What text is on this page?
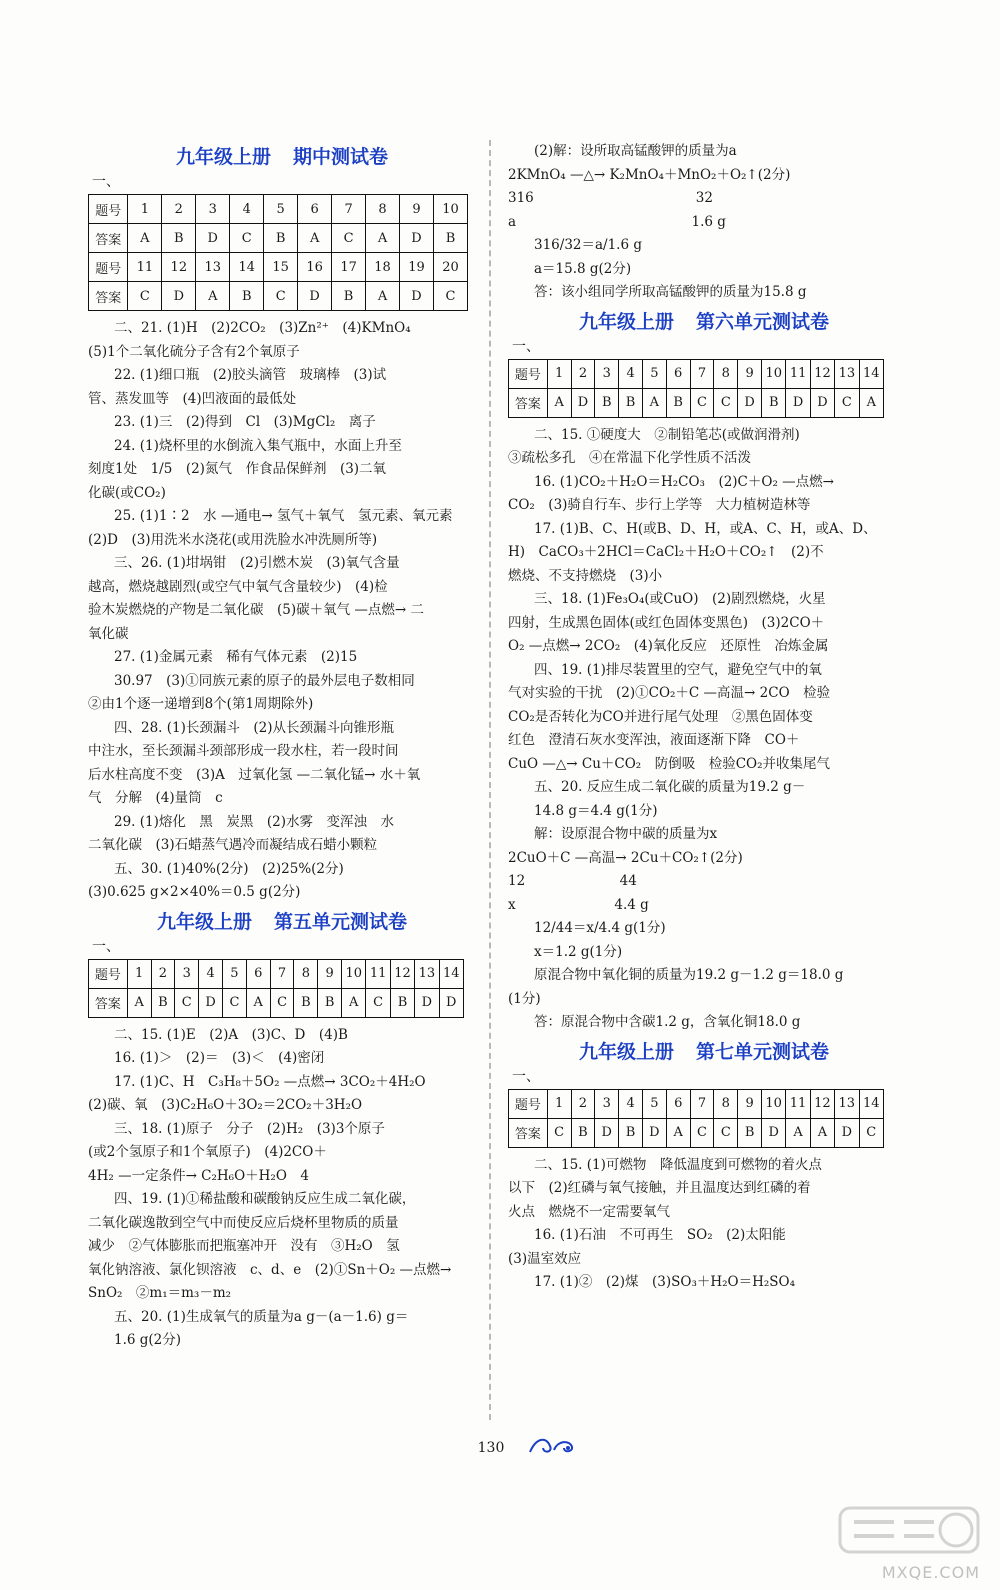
九年级上册 期中测试卷

一、

题号	1	2	3	4	5	6	7	8	9	10
答案	A	B	D	C	B	A	C	A	D	B
题号	11	12	13	14	15	16	17	18	19	20
答案	C	D	A	B	C	D	B	A	D	C

二、21. (1)H　(2)2CO₂　(3)Zn²⁺　(4)KMnO₄

(5)1个二氧化硫分子含有2个氧原子

22. (1)细口瓶　(2)胶头滴管　玻璃棒　(3)试

管、蒸发皿等　(4)凹液面的最低处

23. (1)三　(2)得到　Cl　(3)MgCl₂　离子

24. (1)烧杯里的水倒流入集气瓶中，水面上升至

刻度1处　1/5　(2)氮气　作食品保鲜剂　(3)二氧

化碳(或CO₂)

25. (1)1∶2　水 —通电→ 氢气＋氧气　氢元素、氧元素

(2)D　(3)用洗米水浇花(或用洗脸水冲洗厕所等)

三、26. (1)坩埚钳　(2)引燃木炭　(3)氧气含量

越高，燃烧越剧烈(或空气中氧气含量较少)　(4)检

验木炭燃烧的产物是二氧化碳　(5)碳＋氧气 —点燃→ 二

氧化碳

27. (1)金属元素　稀有气体元素　(2)15

30.97　(3)①同族元素的原子的最外层电子数相同

②由1个逐一递增到8个(第1周期除外)

四、28. (1)长颈漏斗　(2)从长颈漏斗向锥形瓶

中注水，至长颈漏斗颈部形成一段水柱，若一段时间

后水柱高度不变　(3)A　过氧化氢 —二氧化锰→ 水＋氧

气　分解　(4)量筒　c

29. (1)熔化　黑　炭黑　(2)水雾　变浑浊　水

二氧化碳　(3)石蜡蒸气遇冷而凝结成石蜡小颗粒

五、30. (1)40%(2分)　(2)25%(2分)

(3)0.625 g×2×40%＝0.5 g(2分)

九年级上册 第五单元测试卷

一、

题号	1	2	3	4	5	6	7	8	9	10	11	12	13	14
答案	A	B	C	D	C	A	C	B	B	A	C	B	D	D

二、15. (1)E　(2)A　(3)C、D　(4)B

16. (1)＞　(2)＝　(3)＜　(4)密闭

17. (1)C、H　C₃H₈＋5O₂ —点燃→ 3CO₂＋4H₂O

(2)碳、氧　(3)C₂H₆O＋3O₂＝2CO₂＋3H₂O

三、18. (1)原子　分子　(2)H₂　(3)3个原子

(或2个氢原子和1个氧原子)　(4)2CO＋

4H₂ —一定条件→ C₂H₆O＋H₂O　4

四、19. (1)①稀盐酸和碳酸钠反应生成二氧化碳，

二氧化碳逸散到空气中而使反应后烧杯里物质的质量

减少　②气体膨胀而把瓶塞冲开　没有　③H₂O　氢

氧化钠溶液、氯化钡溶液　c、d、e　(2)①Sn＋O₂ —点燃→

SnO₂　②m₁＝m₃－m₂

五、20. (1)生成氧气的质量为a g－(a－1.6) g＝

1.6 g(2分)

(2)解：设所取高锰酸钾的质量为a

2KMnO₄ —△→ K₂MnO₄＋MnO₂＋O₂↑(2分)

316　　　　　　　　　　　　32

a　　　　　　　　　　　　　1.6 g

316/32＝a/1.6 g

a＝15.8 g(2分)

答：该小组同学所取高锰酸钾的质量为15.8 g

九年级上册 第六单元测试卷

一、

题号	1	2	3	4	5	6	7	8	9	10	11	12	13	14
答案	A	D	B	B	A	B	C	C	D	B	D	D	C	A

二、15. ①硬度大　②制铅笔芯(或做润滑剂)

③疏松多孔　④在常温下化学性质不活泼

16. (1)CO₂＋H₂O＝H₂CO₃　(2)C＋O₂ —点燃→

CO₂　(3)骑自行车、步行上学等　大力植树造林等

17. (1)B、C、H(或B、D、H，或A、C、H，或A、D、

H)　CaCO₃＋2HCl＝CaCl₂＋H₂O＋CO₂↑　(2)不

燃烧、不支持燃烧　(3)小

三、18. (1)Fe₃O₄(或CuO)　(2)剧烈燃烧，火星

四射，生成黑色固体(或红色固体变黑色)　(3)2CO＋

O₂ —点燃→ 2CO₂　(4)氧化反应　还原性　冶炼金属

四、19. (1)排尽装置里的空气，避免空气中的氧

气对实验的干扰　(2)①CO₂＋C —高温→ 2CO　检验

CO₂是否转化为CO并进行尾气处理　②黑色固体变

红色　澄清石灰水变浑浊，液面逐渐下降　CO＋

CuO —△→ Cu＋CO₂　防倒吸　检验CO₂并收集尾气

五、20. 反应生成二氧化碳的质量为19.2 g－

14.8 g＝4.4 g(1分)

解：设原混合物中碳的质量为x

2CuO＋C —高温→ 2Cu＋CO₂↑(2分)

12　　　　　　　44

x　　　　　　　 4.4 g

12/44＝x/4.4 g(1分)

x＝1.2 g(1分)

原混合物中氧化铜的质量为19.2 g－1.2 g＝18.0 g

(1分)

答：原混合物中含碳1.2 g，含氧化铜18.0 g

九年级上册 第七单元测试卷

一、

题号	1	2	3	4	5	6	7	8	9	10	11	12	13	14
答案	C	B	D	B	D	A	C	C	B	D	A	A	D	C

二、15. (1)可燃物　降低温度到可燃物的着火点

以下　(2)红磷与氧气接触，并且温度达到红磷的着

火点　燃烧不一定需要氧气

16. (1)石油　不可再生　SO₂　(2)太阳能

(3)温室效应

17. (1)②　(2)煤　(3)SO₃＋H₂O＝H₂SO₄

130
MXQE.COM
